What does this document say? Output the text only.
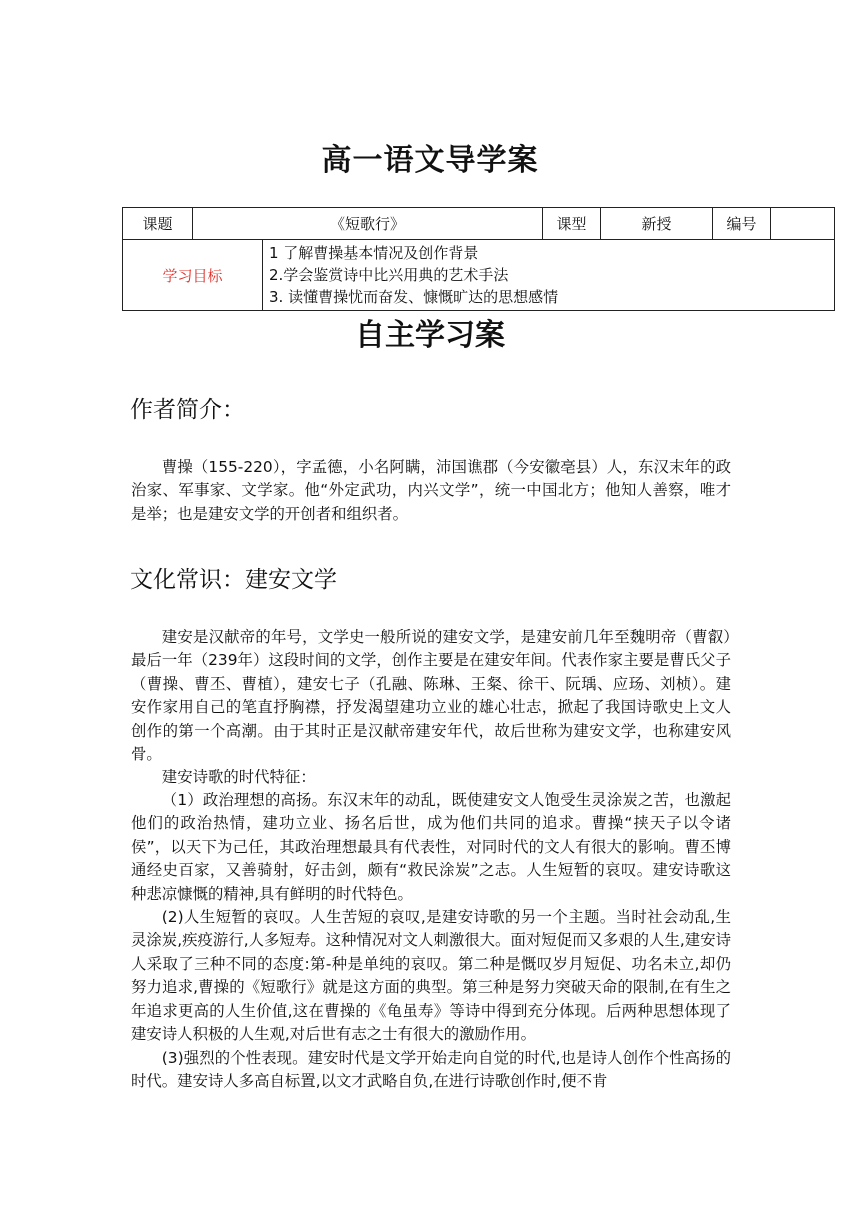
高一语文导学案
课题	《短歌行》		课型	新授	编号	
学习目标		1 了解曹操基本情况及创作背景
2.学会鉴赏诗中比兴用典的艺术手法
3. 读懂曹操忧而奋发、慷慨旷达的思想感情				
自主学习案
作者简介：

曹操（155-220），字孟德，小名阿瞒，沛国谯郡（今安徽亳县）人，东汉末年的政治家、军事家、文学家。他“外定武功，内兴文学”，统一中国北方；他知人善察，唯才是举；也是建安文学的开创者和组织者。

文化常识：建安文学

建安是汉献帝的年号，文学史一般所说的建安文学，是建安前几年至魏明帝（曹叡）最后一年（239年）这段时间的文学，创作主要是在建安年间。代表作家主要是曹氏父子（曹操、曹丕、曹植），建安七子（孔融、陈琳、王粲、徐干、阮瑀、应玚、刘桢）。建安作家用自己的笔直抒胸襟，抒发渴望建功立业的雄心壮志，掀起了我国诗歌史上文人创作的第一个高潮。由于其时正是汉献帝建安年代，故后世称为建安文学，也称建安风骨。

建安诗歌的时代特征：

（1）政治理想的高扬。东汉末年的动乱，既使建安文人饱受生灵涂炭之苦，也激起他们的政治热情，建功立业、扬名后世，成为他们共同的追求。曹操“挟天子以令诸侯”，以天下为己任，其政治理想最具有代表性，对同时代的文人有很大的影响。曹丕博通经史百家，又善骑射，好击剑，颇有“救民涂炭”之志。人生短暂的哀叹。建安诗歌这种悲凉慷慨的精神,具有鲜明的时代特色。

(2)人生短暂的哀叹。人生苦短的哀叹,是建安诗歌的另一个主题。当时社会动乱,生灵涂炭,疾疫游行,人多短寿。这种情况对文人刺激很大。面对短促而又多艰的人生,建安诗人采取了三种不同的态度:第-种是单纯的哀叹。第二种是慨叹岁月短促、功名未立,却仍努力追求,曹操的《短歌行》就是这方面的典型。第三种是努力突破天命的限制,在有生之年追求更高的人生价值,这在曹操的《龟虽寿》等诗中得到充分体现。后两种思想体现了建安诗人积极的人生观,对后世有志之士有很大的激励作用。

(3)强烈的个性表现。建安时代是文学开始走向自觉的时代,也是诗人创作个性高扬的时代。建安诗人多高自标置,以文才武略自负,在进行诗歌创作时,便不肯
